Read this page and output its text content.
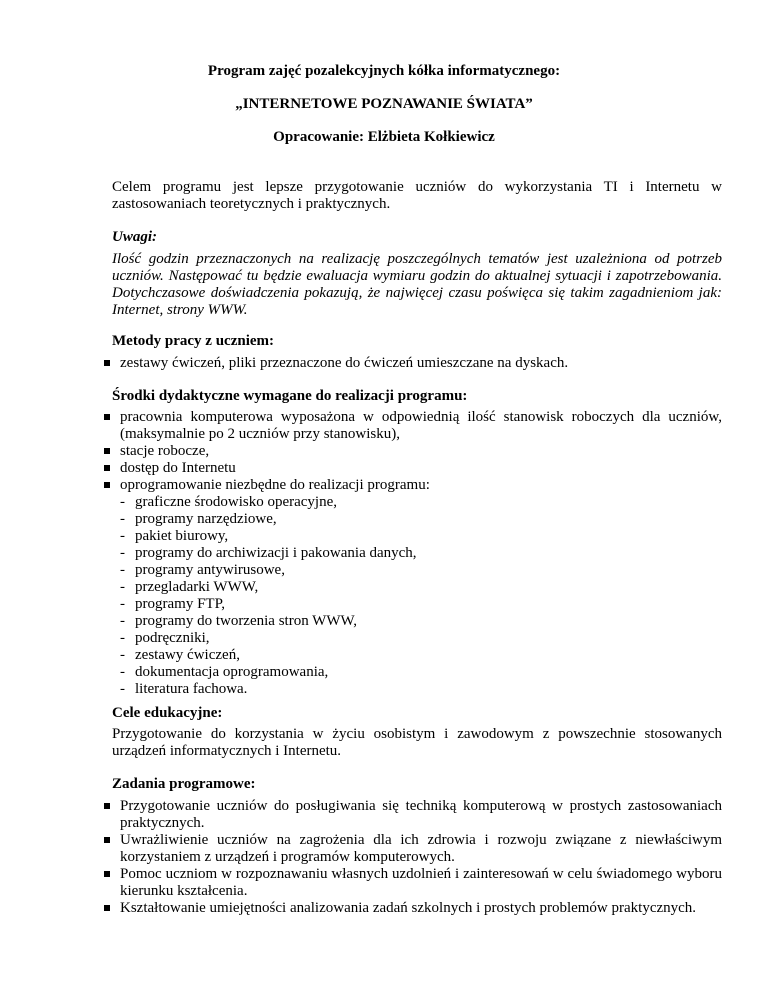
Program zajęć pozalekcyjnych kółka informatycznego:
„INTERNETOWE POZNAWANIE ŚWIATA”
Opracowanie: Elżbieta Kołkiewicz
Celem programu jest lepsze przygotowanie uczniów do wykorzystania TI i Internetu w zastosowaniach teoretycznych i praktycznych.
Uwagi:
Ilość godzin przeznaczonych na realizację poszczególnych tematów jest uzależniona od potrzeb uczniów. Następować tu będzie ewaluacja wymiaru godzin do aktualnej sytuacji i zapotrzebowania. Dotychczasowe doświadczenia pokazują, że najwięcej czasu poświęca się takim zagadnieniom jak: Internet, strony WWW.
Metody pracy z uczniem:
zestawy ćwiczeń, pliki przeznaczone do ćwiczeń umieszczane na dyskach.
Środki dydaktyczne wymagane do realizacji programu:
pracownia komputerowa wyposażona w odpowiednią ilość stanowisk roboczych dla uczniów, (maksymalnie po 2 uczniów przy stanowisku),
stacje robocze,
dostęp do Internetu
oprogramowanie niezbędne do realizacji programu:
- graficzne środowisko operacyjne,
- programy narzędziowe,
- pakiet biurowy,
- programy do archiwizacji i pakowania danych,
- programy antywirusowe,
- przegladarki WWW,
- programy FTP,
- programy do tworzenia stron WWW,
- podręczniki,
- zestawy ćwiczeń,
- dokumentacja oprogramowania,
- literatura fachowa.
Cele edukacyjne:
Przygotowanie do korzystania w życiu osobistym i zawodowym z powszechnie stosowanych urządzeń informatycznych i Internetu.
Zadania programowe:
Przygotowanie uczniów do posługiwania się techniką komputerową w prostych zastosowaniach praktycznych.
Uwrażliwienie uczniów na zagrożenia dla ich zdrowia i rozwoju związane z niewłaściwym korzystaniem z urządzeń i programów komputerowych.
Pomoc uczniom w rozpoznawaniu własnych uzdolnień i zainteresowań w celu świadomego wyboru kierunku kształcenia.
Kształtowanie umiejętności analizowania zadań szkolnych i prostych problemów praktycznych.
